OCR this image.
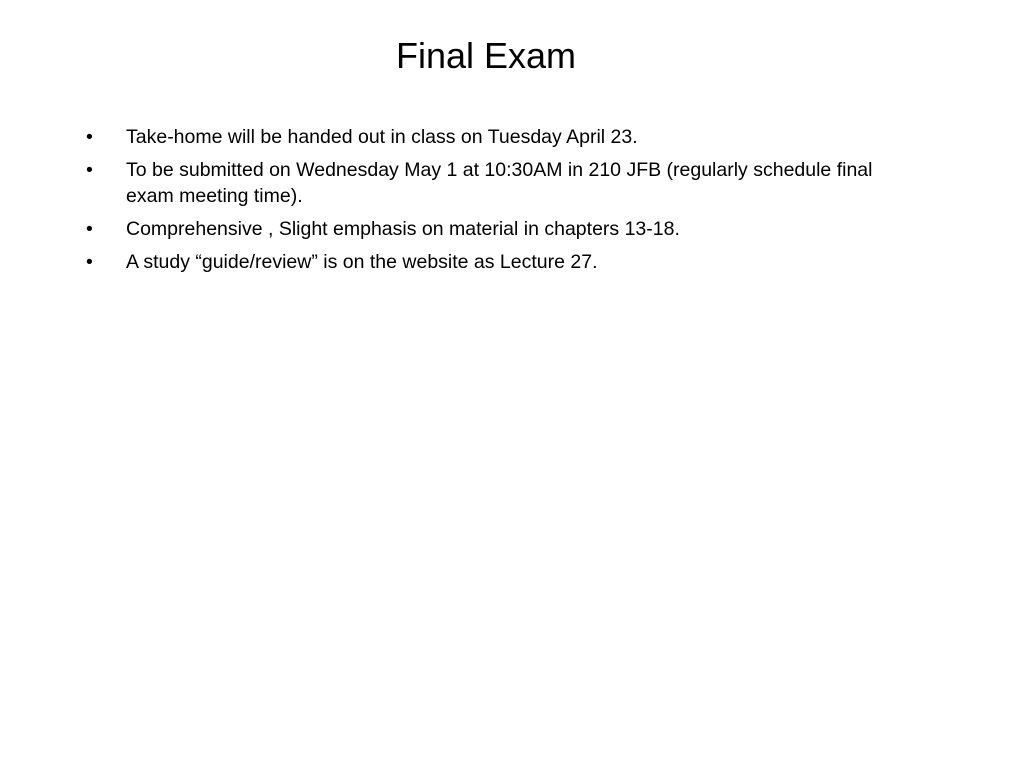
Final Exam
•	Take-home will be handed out in class on Tuesday April 23.
•	To be submitted on Wednesday May 1 at 10:30AM in 210 JFB (regularly schedule final exam meeting time).
•	Comprehensive , Slight emphasis on material in chapters 13-18.
•	A study “guide/review” is on the website as Lecture 27.
